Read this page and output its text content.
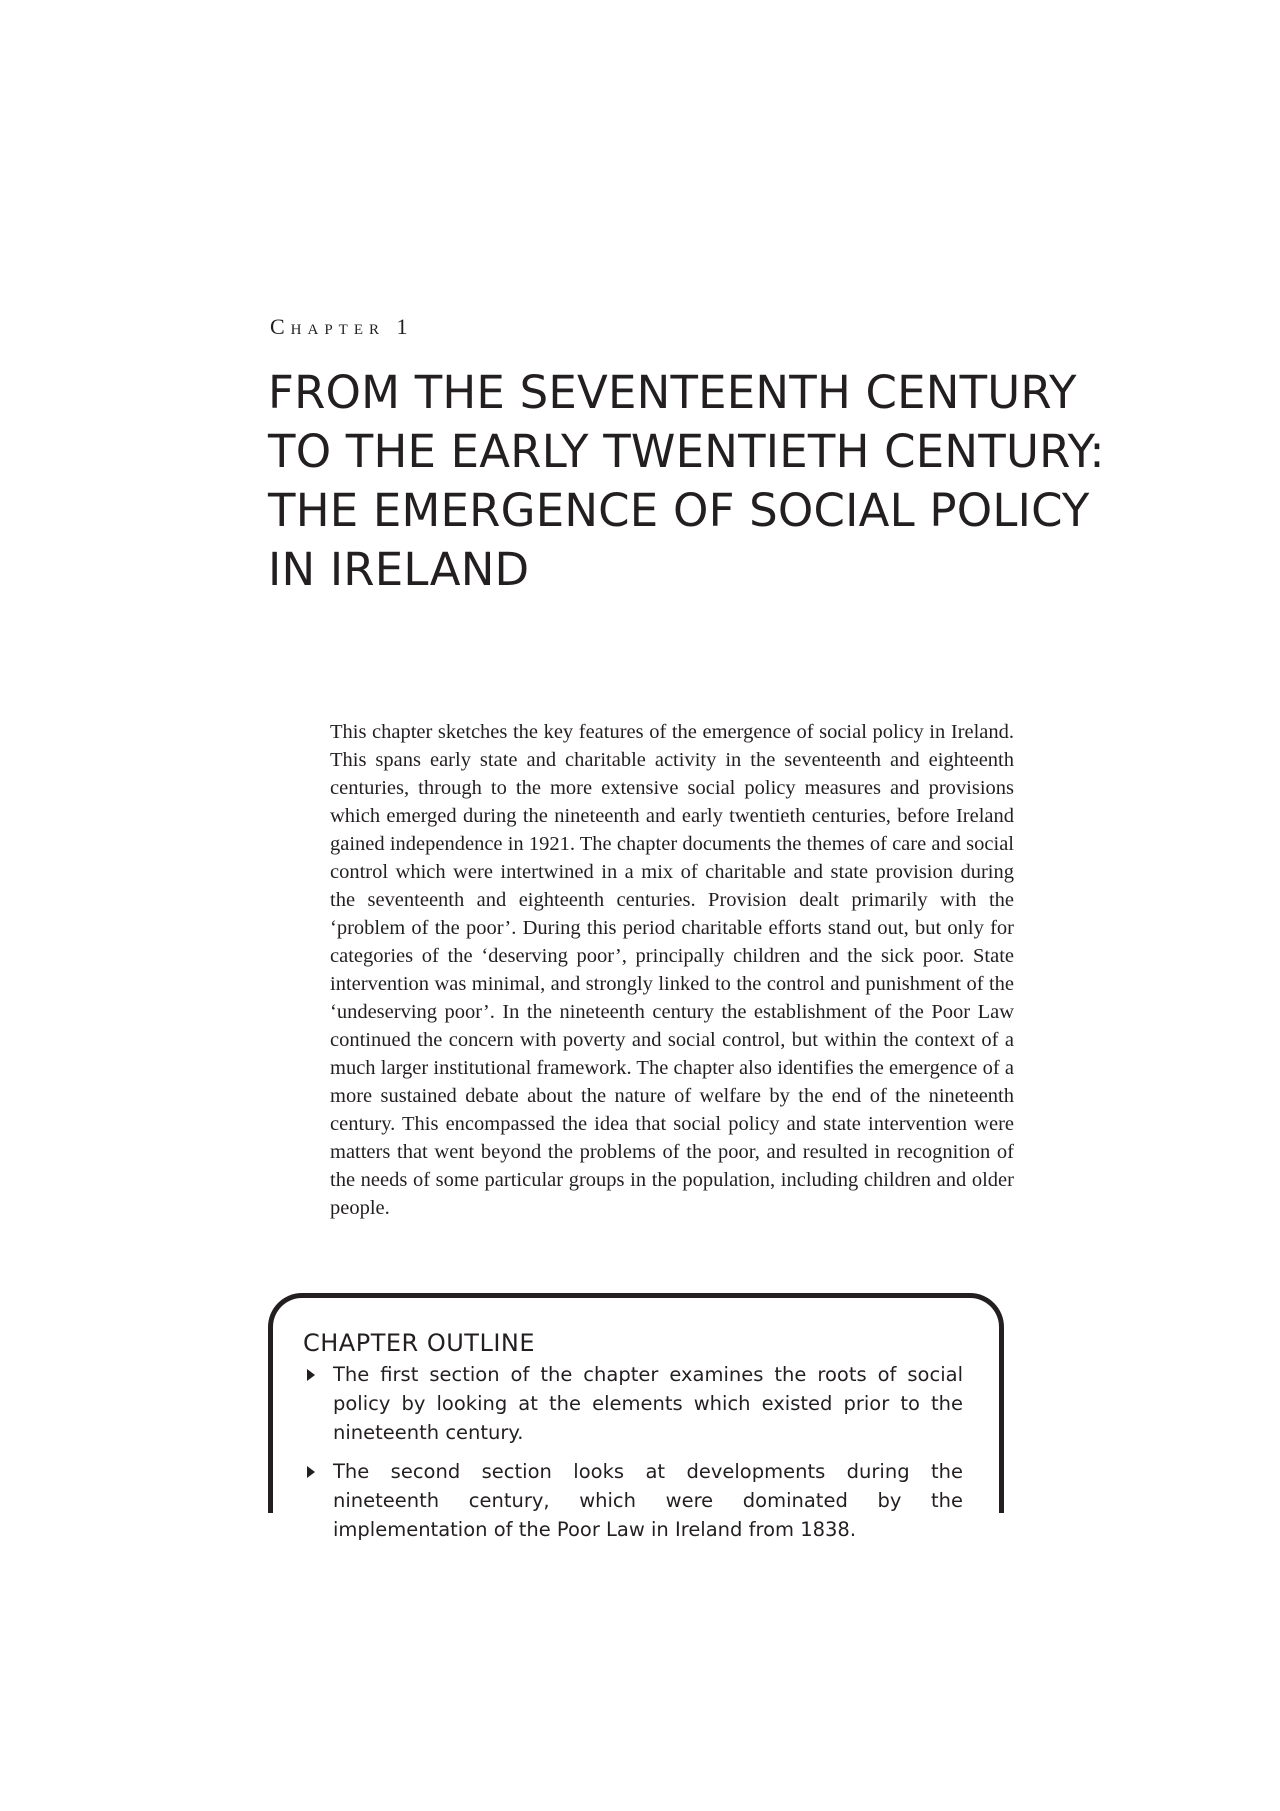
Chapter 1

FROM THE SEVENTEENTH CENTURY
TO THE EARLY TWENTIETH CENTURY:
THE EMERGENCE OF SOCIAL POLICY
IN IRELAND

This chapter sketches the key features of the emergence of social policy in Ireland. This spans early state and charitable activity in the seventeenth and eighteenth centuries, through to the more extensive social policy measures and provisions which emerged during the nineteenth and early twentieth centuries, before Ireland gained independence in 1921. The chapter documents the themes of care and social control which were intertwined in a mix of charitable and state provision during the seventeenth and eighteenth centuries. Provision dealt primarily with the ‘problem of the poor’. During this period charitable efforts stand out, but only for categories of the ‘deserving poor’, principally children and the sick poor. State intervention was minimal, and strongly linked to the control and punishment of the ‘undeserving poor’. In the nineteenth century the establishment of the Poor Law continued the concern with poverty and social control, but within the context of a much larger institutional framework. The chapter also identifies the emergence of a more sustained debate about the nature of welfare by the end of the nineteenth century. This encompassed the idea that social policy and state intervention were matters that went beyond the problems of the poor, and resulted in recognition of the needs of some particular groups in the population, including children and older people.

CHAPTER OUTLINE
The first section of the chapter examines the roots of social policy by looking at the elements which existed prior to the nineteenth century.
The second section looks at developments during the nineteenth century, which were dominated by the implementation of the Poor Law in Ireland from 1838.
